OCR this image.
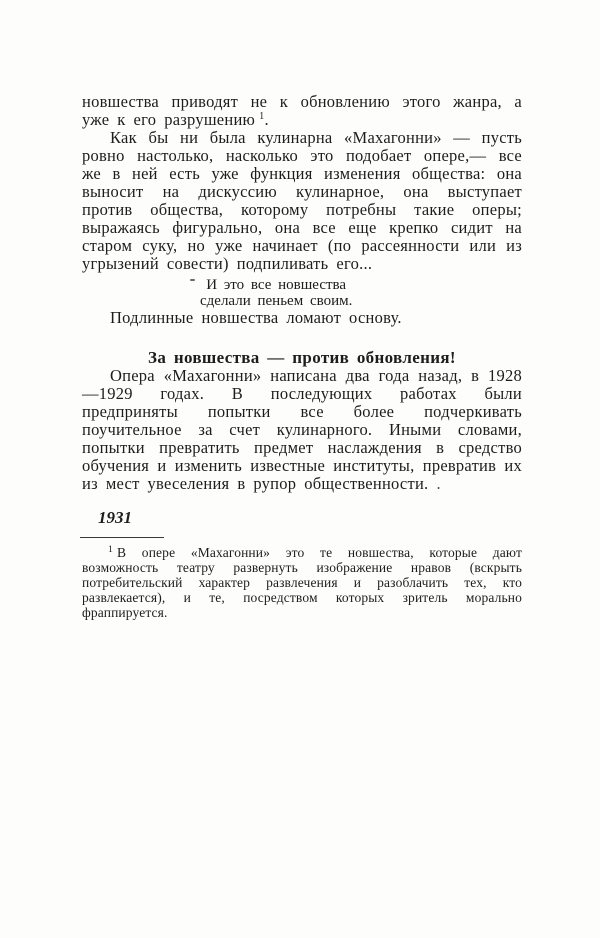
новшества приводят не к обновлению этого жанра, а уже к его разрушению $^1$.

Как бы ни была кулинарна «Махагонни» — пусть ровно настолько, насколько это подобает опере,— все же в ней есть уже функция изменения общества: она выносит на дискуссию кулинарное, она выступает против общества, которому потребны такие оперы; выражаясь фигурально, она все еще крепко сидит на старом суку, но уже начинает (по рассеянности или из угрызений совести) подпиливать его...

И это все новшества
сделали пеньем своим.

Подлинные новшества ломают основу.

За новшества — против обновления!

Опера «Махагонни» написана два года назад, в 1928—1929 годах. В последующих работах были предприняты попытки все более подчеркивать поучительное за счет кулинарного. Иными словами, попытки превратить предмет наслаждения в средство обучения и изменить известные институты, превратив их из мест увеселения в рупор общественности. .

1931

$^1$ В опере «Махагонни» это те новшества, которые дают возможность театру развернуть изображение нравов (вскрыть потребительский характер развлечения и разоблачить тех, кто развлекается), и те, посредством которых зритель морально фраппируется.
